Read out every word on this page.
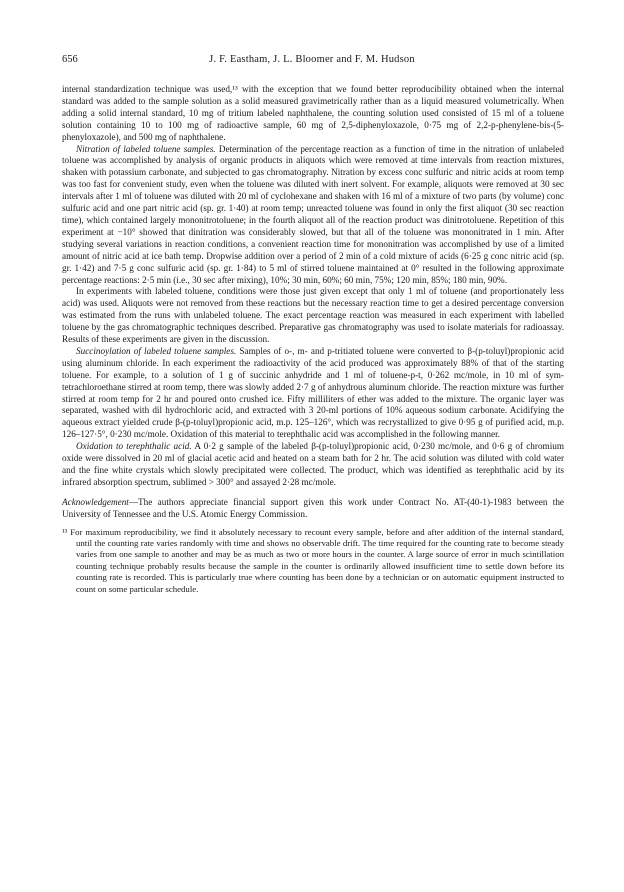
656	J. F. Eastham, J. L. Bloomer and F. M. Hudson

internal standardization technique was used,¹³ with the exception that we found better reproducibility obtained when the internal standard was added to the sample solution as a solid measured gravimetrically rather than as a liquid measured volumetrically. When adding a solid internal standard, 10 mg of tritium labeled naphthalene, the counting solution used consisted of 15 ml of a toluene solution containing 10 to 100 mg of radioactive sample, 60 mg of 2,5-diphenyloxazole, 0·75 mg of 2,2-p-phenylene-bis-(5-phenyloxazole), and 500 mg of naphthalene.

Nitration of labeled toluene samples. Determination of the percentage reaction as a function of time in the nitration of unlabeled toluene was accomplished by analysis of organic products in aliquots which were removed at time intervals from reaction mixtures, shaken with potassium carbonate, and subjected to gas chromatography. Nitration by excess conc sulfuric and nitric acids at room temp was too fast for convenient study, even when the toluene was diluted with inert solvent. For example, aliquots were removed at 30 sec intervals after 1 ml of toluene was diluted with 20 ml of cyclohexane and shaken with 16 ml of a mixture of two parts (by volume) conc sulfuric acid and one part nitric acid (sp. gr. 1·40) at room temp; unreacted toluene was found in only the first aliquot (30 sec reaction time), which contained largely mononitrotoluene; in the fourth aliquot all of the reaction product was dinitrotoluene. Repetition of this experiment at −10° showed that dinitration was considerably slowed, but that all of the toluene was mononitrated in 1 min. After studying several variations in reaction conditions, a convenient reaction time for mononitration was accomplished by use of a limited amount of nitric acid at ice bath temp. Dropwise addition over a period of 2 min of a cold mixture of acids (6·25 g conc nitric acid (sp. gr. 1·42) and 7·5 g conc sulfuric acid (sp. gr. 1·84) to 5 ml of stirred toluene maintained at 0° resulted in the following approximate percentage reactions: 2·5 min (i.e., 30 sec after mixing), 10%; 30 min, 60%; 60 min, 75%; 120 min, 85%; 180 min, 90%.

In experiments with labeled toluene, conditions were those just given except that only 1 ml of toluene (and proportionately less acid) was used. Aliquots were not removed from these reactions but the necessary reaction time to get a desired percentage conversion was estimated from the runs with unlabeled toluene. The exact percentage reaction was measured in each experiment with labelled toluene by the gas chromatographic techniques described. Preparative gas chromatography was used to isolate materials for radioassay. Results of these experiments are given in the discussion.

Succinoylation of labeled toluene samples. Samples of o-, m- and p-tritiated toluene were converted to β-(p-toluyl)propionic acid using aluminum chloride. In each experiment the radioactivity of the acid produced was approximately 88% of that of the starting toluene. For example, to a solution of 1 g of succinic anhydride and 1 ml of toluene-p-t, 0·262 mc/mole, in 10 ml of sym-tetrachloroethane stirred at room temp, there was slowly added 2·7 g of anhydrous aluminum chloride. The reaction mixture was further stirred at room temp for 2 hr and poured onto crushed ice. Fifty milliliters of ether was added to the mixture. The organic layer was separated, washed with dil hydrochloric acid, and extracted with 3 20-ml portions of 10% aqueous sodium carbonate. Acidifying the aqueous extract yielded crude β-(p-toluyl)propionic acid, m.p. 125–126°, which was recrystallized to give 0·95 g of purified acid, m.p. 126–127·5°, 0·230 mc/mole. Oxidation of this material to terephthalic acid was accomplished in the following manner.

Oxidation to terephthalic acid. A 0·2 g sample of the labeled β-(p-toluyl)propionic acid, 0·230 mc/mole, and 0·6 g of chromium oxide were dissolved in 20 ml of glacial acetic acid and heated on a steam bath for 2 hr. The acid solution was diluted with cold water and the fine white crystals which slowly precipitated were collected. The product, which was identified as terephthalic acid by its infrared absorption spectrum, sublimed > 300° and assayed 2·28 mc/mole.

Acknowledgement—The authors appreciate financial support given this work under Contract No. AT-(40-1)-1983 between the University of Tennessee and the U.S. Atomic Energy Commission.

¹³ For maximum reproducibility, we find it absolutely necessary to recount every sample, before and after addition of the internal standard, until the counting rate varies randomly with time and shows no observable drift. The time required for the counting rate to become steady varies from one sample to another and may be as much as two or more hours in the counter. A large source of error in much scintillation counting technique probably results because the sample in the counter is ordinarily allowed insufficient time to settle down before its counting rate is recorded. This is particularly true where counting has been done by a technician or on automatic equipment instructed to count on some particular schedule.
